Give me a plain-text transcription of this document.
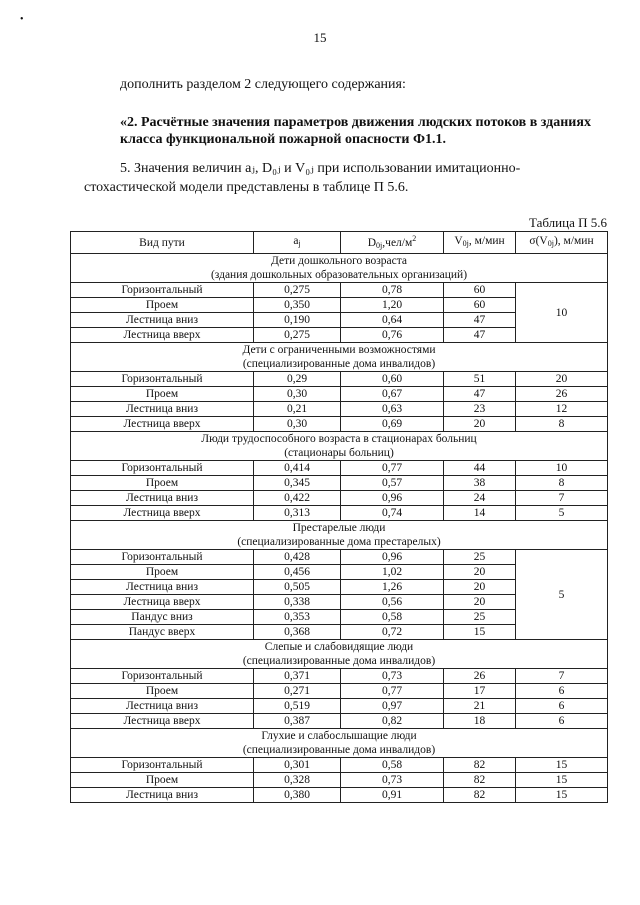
•
15
дополнить разделом 2 следующего содержания:
«2. Расчётные значения параметров движения людских потоков в зданиях класса функциональной пожарной опасности Ф1.1.
5. Значения величин aⱼ, D₀ⱼ и V₀ⱼ при использовании имитационно-
стохастической модели представлены в таблице П 5.6.
Таблица П 5.6
Вид пути	$a_j$	$D_{0j},чел/м^2$	$V_{0j}$, м/мин	$\sigma(V_{0j})$, м/мин
Дети дошкольного возраста				
(здания дошкольных образовательных организаций)				
Горизонтальный	0,275	0,78	60	10
Проем	0,350	1,20	60	
Лестница вниз	0,190	0,64	47	
Лестница вверх	0,275	0,76	47	
Дети с ограниченными возможностями				
(специализированные дома инвалидов)				
Горизонтальный	0,29	0,60	51	20
Проем	0,30	0,67	47	26
Лестница вниз	0,21	0,63	23	12
Лестница вверх	0,30	0,69	20	8
Люди трудоспособного возраста в стационарах больниц				
(стационары больниц)				
Горизонтальный	0,414	0,77	44	10
Проем	0,345	0,57	38	8
Лестница вниз	0,422	0,96	24	7
Лестница вверх	0,313	0,74	14	5
Престарелые люди				
(специализированные дома престарелых)				
Горизонтальный	0,428	0,96	25	5
Проем	0,456	1,02	20	
Лестница вниз	0,505	1,26	20	
Лестница вверх	0,338	0,56	20	
Пандус вниз	0,353	0,58	25	
Пандус вверх	0,368	0,72	15	
Слепые и слабовидящие люди				
(специализированные дома инвалидов)				
Горизонтальный	0,371	0,73	26	7
Проем	0,271	0,77	17	6
Лестница вниз	0,519	0,97	21	6
Лестница вверх	0,387	0,82	18	6
Глухие и слабослышащие люди				
(специализированные дома инвалидов)				
Горизонтальный	0,301	0,58	82	15
Проем	0,328	0,73	82	15
Лестница вниз	0,380	0,91	82	15
